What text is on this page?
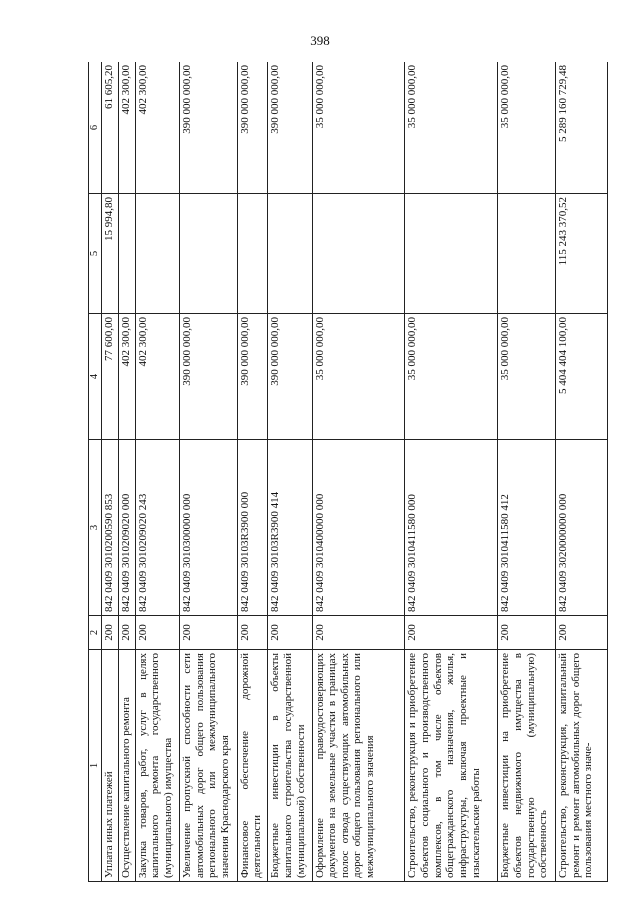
398
1	2	3	4	5	6
Уплата иных платежей	200	842 0409 3010200590 853	77 600,00	15 994,80	61 605,20
Осуществление капитального ремонта	200	842 0409 3010209020 000	402 300,00		402 300,00
Закупка товаров, работ, услуг в целях капитального ремонта государственного (муниципального) имущества	200	842 0409 3010209020 243	402 300,00		402 300,00
Увеличение пропускной способности сети автомобильных дорог общего пользования регионального или межмуниципального значения Краснодарского края	200	842 0409 3010300000 000	390 000 000,00		390 000 000,00
Финансовое обеспечение дорожной деятельности	200	842 0409 30103R3900 000	390 000 000,00		390 000 000,00
Бюджетные инвестиции в объекты капитального строительства государственной (муниципальной) собственности	200	842 0409 30103R3900 414	390 000 000,00		390 000 000,00
Оформление правоудостоверяющих документов на земельные участки в границах полос отвода существующих автомобильных дорог общего пользования регионального или межмуниципального значения	200	842 0409 3010400000 000	35 000 000,00		35 000 000,00
Строительство, реконструкция и приобретение объектов социального и производственного комплексов, в том числе объектов общегражданского назначения, жилья, инфраструктуры, включая проектные и изыскательские работы	200	842 0409 3010411580 000	35 000 000,00		35 000 000,00
Бюджетные инвестиции на приобретение объектов недвижимого имущества в государственную (муниципальную) собственность	200	842 0409 3010411580 412	35 000 000,00		35 000 000,00
Строительство, реконструкция, капитальный ремонт и ремонт автомобильных дорог общего пользования местного значе-	200	842 0409 3020000000 000	5 404 404 100,00	115 243 370,52	5 289 160 729,48
